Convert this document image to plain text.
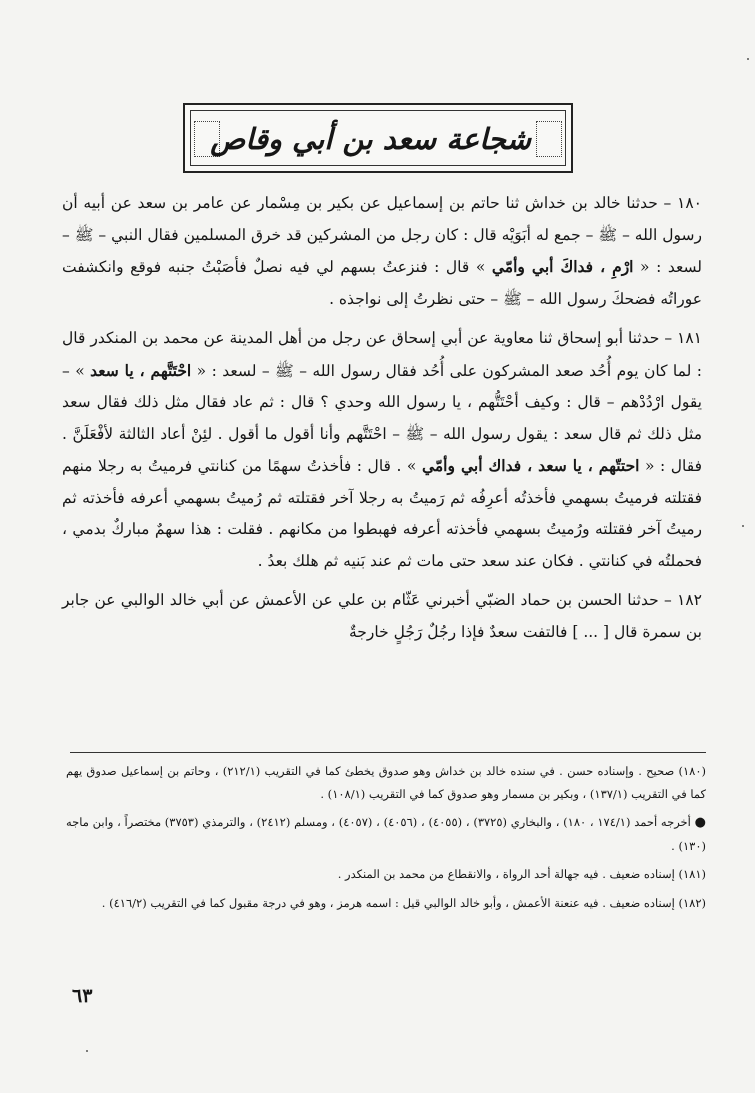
شجاعة سعد بن أبي وقاص

١٨٠ – حدثنا خالد بن خداش ثنا حاتم بن إسماعيل عن بكير بن مِسْمار عن عامر بن سعد عن أبيه أن رسول الله – ﷺ – جمع له أبَوَيْه قال : كان رجل من المشركين قد خرق المسلمين فقال النبي – ﷺ – لسعد : « ارْمِ ، فداكَ أبي وأمّي » قال : فنزعتُ بسهم لي فيه نصلٌ فأصَبْتُ جنبه فوقع وانكشفت عوراتُه فضحكَ رسول الله – ﷺ – حتى نظرتُ إلى نواجذه .

١٨١ – حدثنا أبو إسحاق ثنا معاوية عن أبي إسحاق عن رجل من أهل المدينة عن محمد بن المنكدر قال : لما كان يوم أُحُد صعد المشركون على أُحُد فقال رسول الله – ﷺ – لسعد : « احْتَتَّهم ، يا سعد » – يقول ارْدُدْهم – قال : وكيف أحْتَتُّهم ، يا رسول الله وحدي ؟ قال : ثم عاد فقال مثل ذلك فقال سعد مثل ذلك ثم قال سعد : يقول رسول الله – ﷺ – احْتَتَّهم وأنا أقول ما أقول . لئِنْ أعاد الثالثة لأفْعَلَنَّ . فقال : « احتتّهم ، يا سعد ، فداك أبي وأمّي » . قال : فأخذتُ سهمًا من كنانتي فرميتُ به رجلا منهم فقتلته فرميتُ بسهمي فأخذتُه أعرِفُه ثم رَميتُ به رجلا آخر فقتلته ثم رُميتُ بسهمي أعرفه فأخذته ثم رميتُ آخر فقتلته ورُميتُ بسهمي فأخذته أعرفه فهبطوا من مكانهم . فقلت : هذا سهمٌ مباركٌ بدمي ، فحملتُه في كنانتي . فكان عند سعد حتى مات ثم عند بَنيه ثم هلك بعدُ .

١٨٢ – حدثنا الحسن بن حماد الضبّي أخبرني عَثّام بن علي عن الأعمش عن أبي خالد الوالبي عن جابر بن سمرة قال [ ... ] فالتفت سعدٌ فإذا رجُلٌ رَجُلٍ خارجةٌ

(١٨٠) صحيح . وإسناده حسن . في سنده خالد بن خداش وهو صدوق يخطئ كما في التقريب (٢١٢/١) ، وحاتم بن إسماعيل صدوق يهم كما في التقريب (١٣٧/١) ، وبكير بن مسمار وهو صدوق كما في التقريب (١٠٨/١) .

● أخرجه أحمد (١٧٤/١ ، ١٨٠) ، والبخاري (٣٧٢٥) ، (٤٠٥٥) ، (٤٠٥٦) ، (٤٠٥٧) ، ومسلم (٢٤١٢) ، والترمذي (٣٧٥٣) مختصراً ، وابن ماجه (١٣٠) .

(١٨١) إسناده ضعيف . فيه جهالة أحد الرواة ، والانقطاع من محمد بن المنكدر .

(١٨٢) إسناده ضعيف . فيه عنعنة الأعمش ، وأبو خالد الوالبي قيل : اسمه هرمز ، وهو في درجة مقبول كما في التقريب (٤١٦/٢) .

٦٣
